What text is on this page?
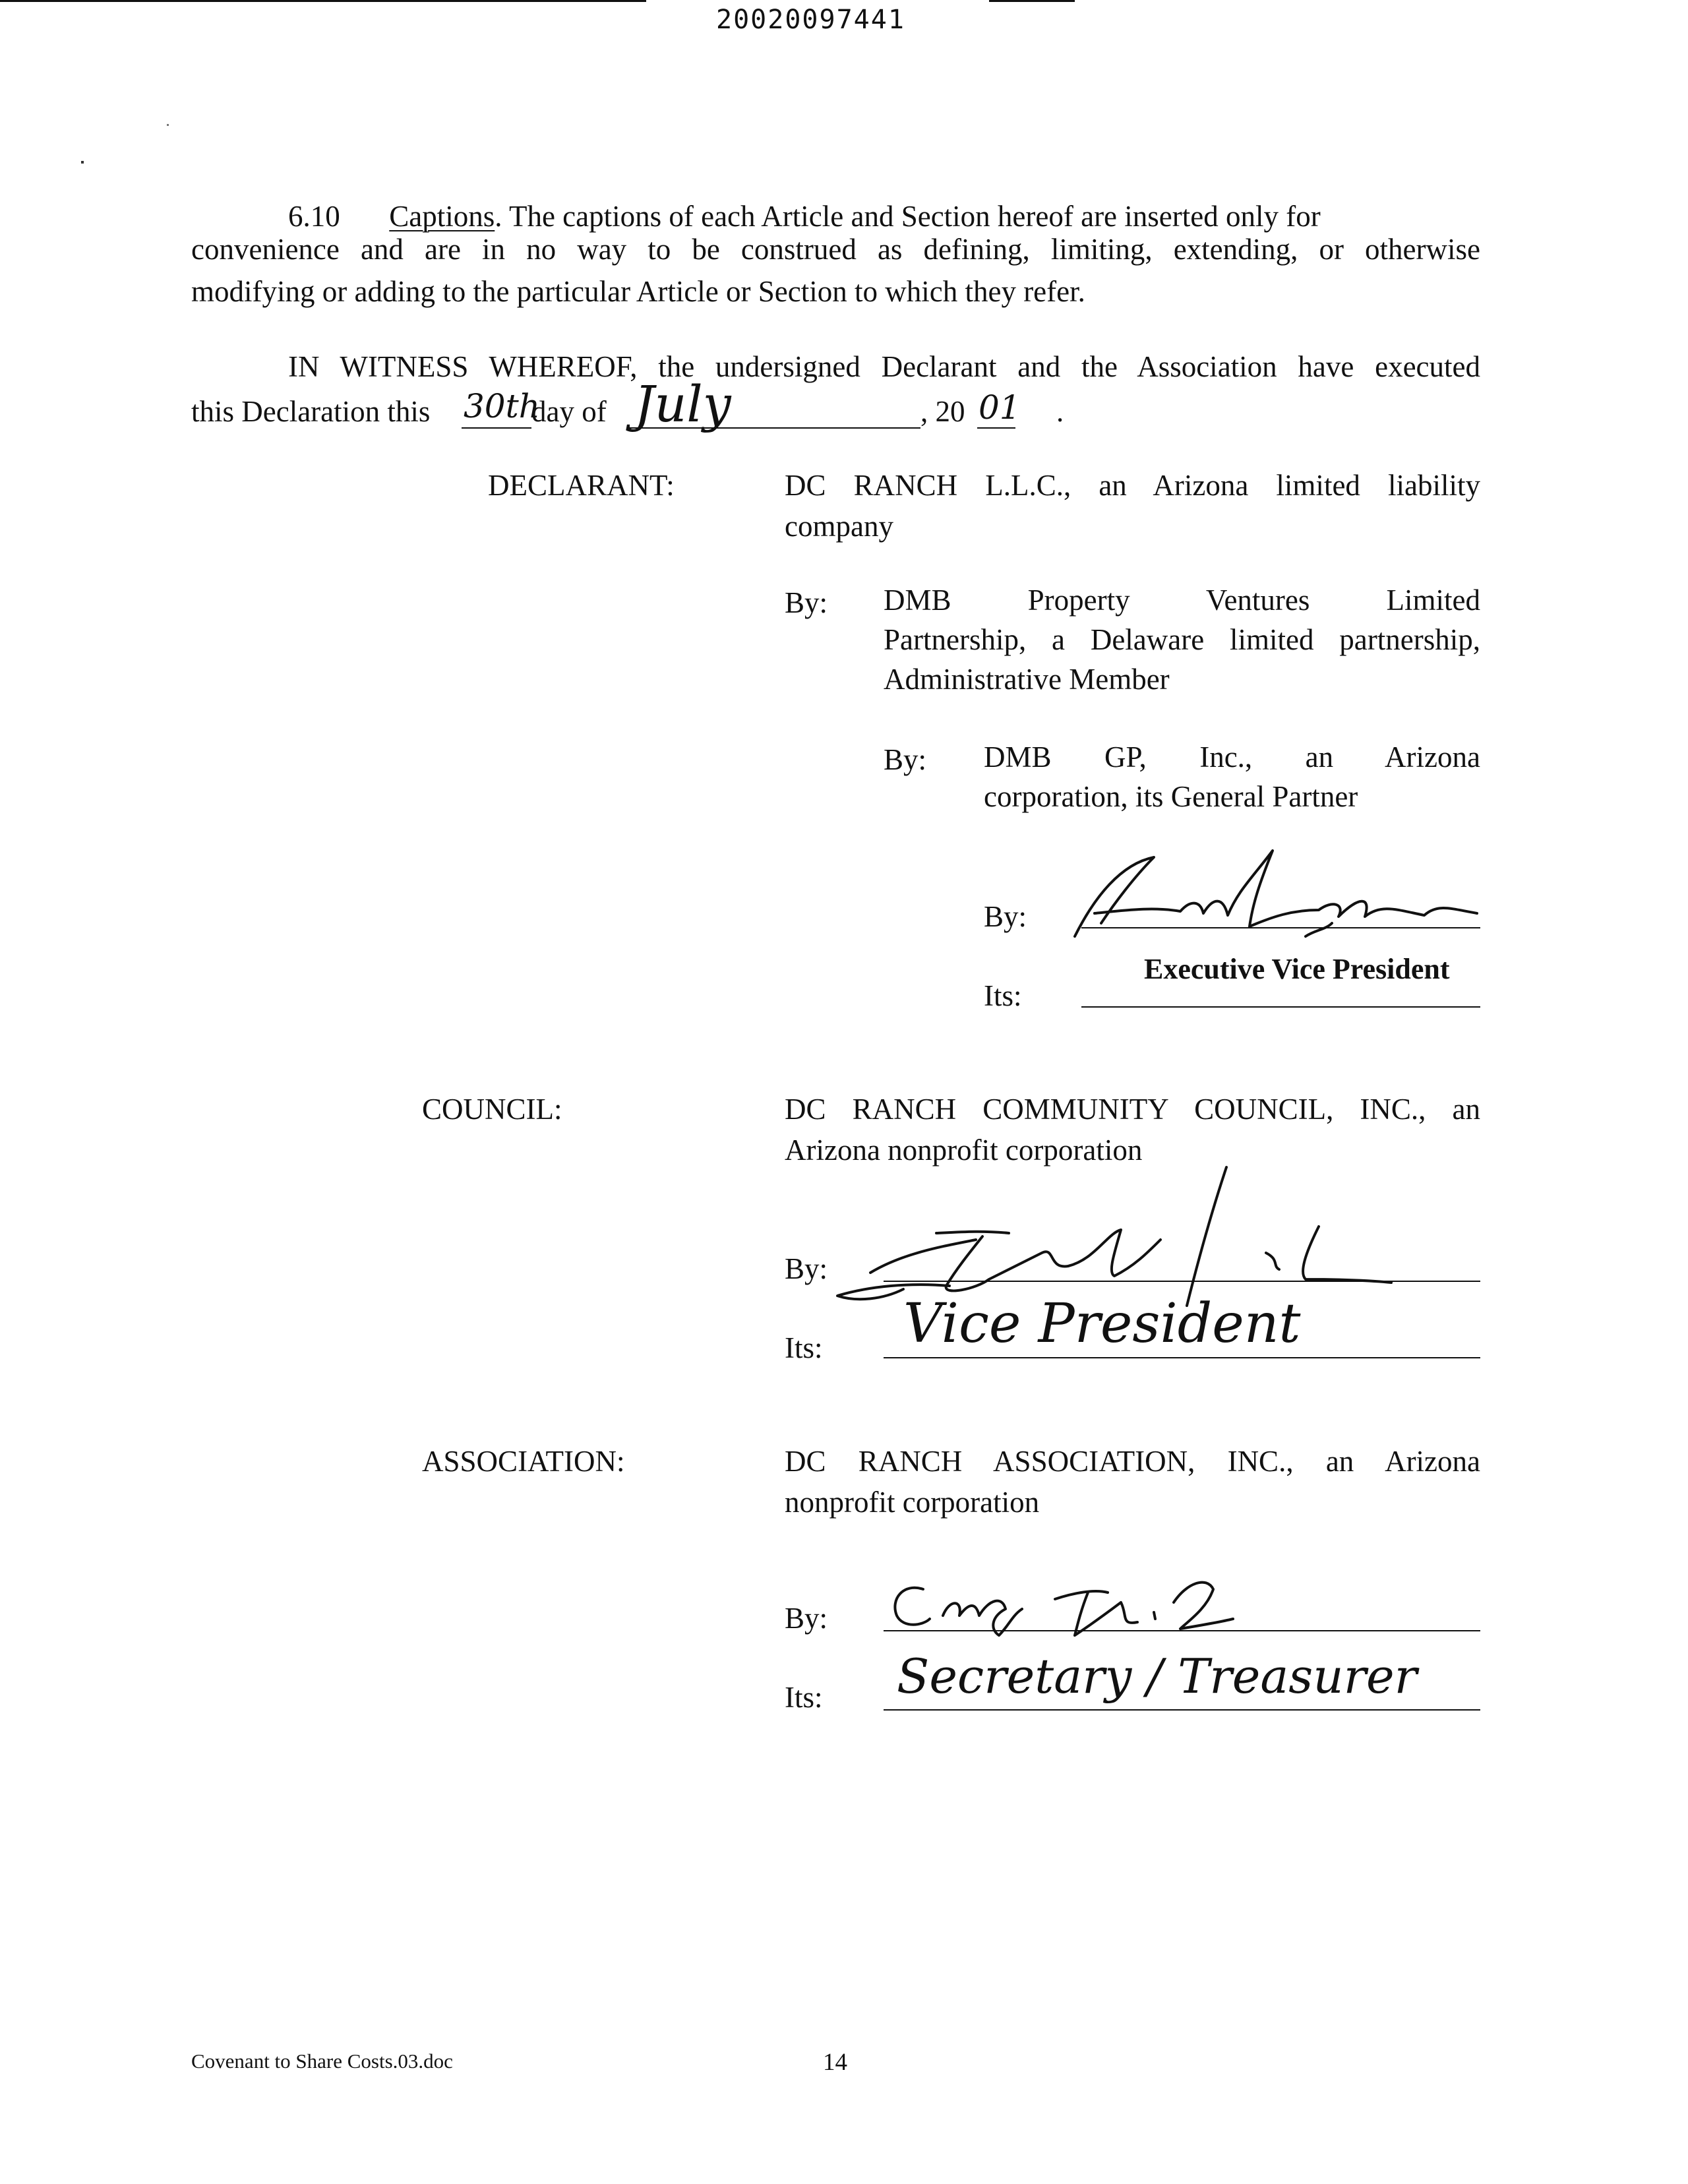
20020097441
6.10 Captions. The captions of each Article and Section hereof are inserted only for
convenience and are in no way to be construed as defining, limiting, extending, or otherwise
modifying or adding to the particular Article or Section to which they refer.
IN WITNESS WHEREOF, the undersigned Declarant and the Association have executed
this Declaration this 30th
day of July	, 20 01 .
DECLARANT:	DC RANCH L.L.C., an Arizona limited liability
company
By: DMB Property Ventures Limited
Partnership, a Delaware limited partnership,
Administrative Member
By: DMB GP, Inc., an Arizona
corporation, its General Partner
By:
Its:
Executive Vice President
COUNCIL:	DC RANCH COMMUNITY COUNCIL, INC., an
Arizona nonprofit corporation
By:
Its: Vice President
ASSOCIATION:	DC RANCH ASSOCIATION, INC., an Arizona
nonprofit corporation
By:
Its: Secretary / Treasurer
Covenant to Share Costs.03.doc	14
